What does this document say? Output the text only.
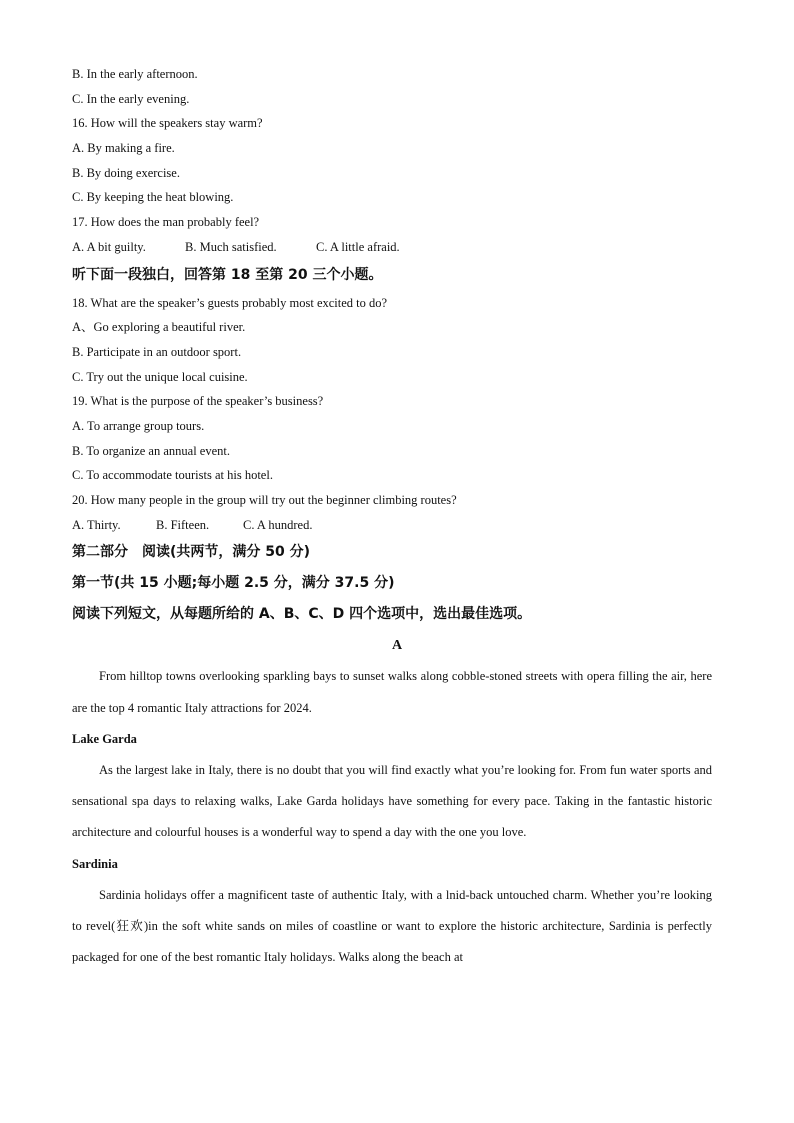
B. In the early afternoon.
C. In the early evening.
16. How will the speakers stay warm?
A. By making a fire.
B. By doing exercise.
C. By keeping the heat blowing.
17. How does the man probably feel?
A. A bit guilty.	B. Much satisfied.	C. A little afraid.
听下面一段独白，回答第 18 至第 20 三个小题。
18. What are the speaker’s guests probably most excited to do?
A、Go exploring a beautiful river.
B. Participate in an outdoor sport.
C. Try out the unique local cuisine.
19. What is the purpose of the speaker’s business?
A. To arrange group tours.
B. To organize an annual event.
C. To accommodate tourists at his hotel.
20. How many people in the group will try out the beginner climbing routes?
A. Thirty.	B. Fifteen.	C. A hundred.
第二部分　阅读(共两节，满分 50 分)
第一节(共 15 小题;每小题 2.5 分，满分 37.5 分)
阅读下列短文，从每题所给的 A、B、C、D 四个选项中，选出最佳选项。
A
From hilltop towns overlooking sparkling bays to sunset walks along cobble-stoned streets with opera filling the air, here are the top 4 romantic Italy attractions for 2024.
Lake Garda
As the largest lake in Italy, there is no doubt that you will find exactly what you’re looking for. From fun water sports and sensational spa days to relaxing walks, Lake Garda holidays have something for every pace. Taking in the fantastic historic architecture and colourful houses is a wonderful way to spend a day with the one you love.
Sardinia
Sardinia holidays offer a magnificent taste of authentic Italy, with a lnid-back untouched charm. Whether you’re looking to revel(狂欢)in the soft white sands on miles of coastline or want to explore the historic architecture, Sardinia is perfectly packaged for one of the best romantic Italy holidays. Walks along the beach at
